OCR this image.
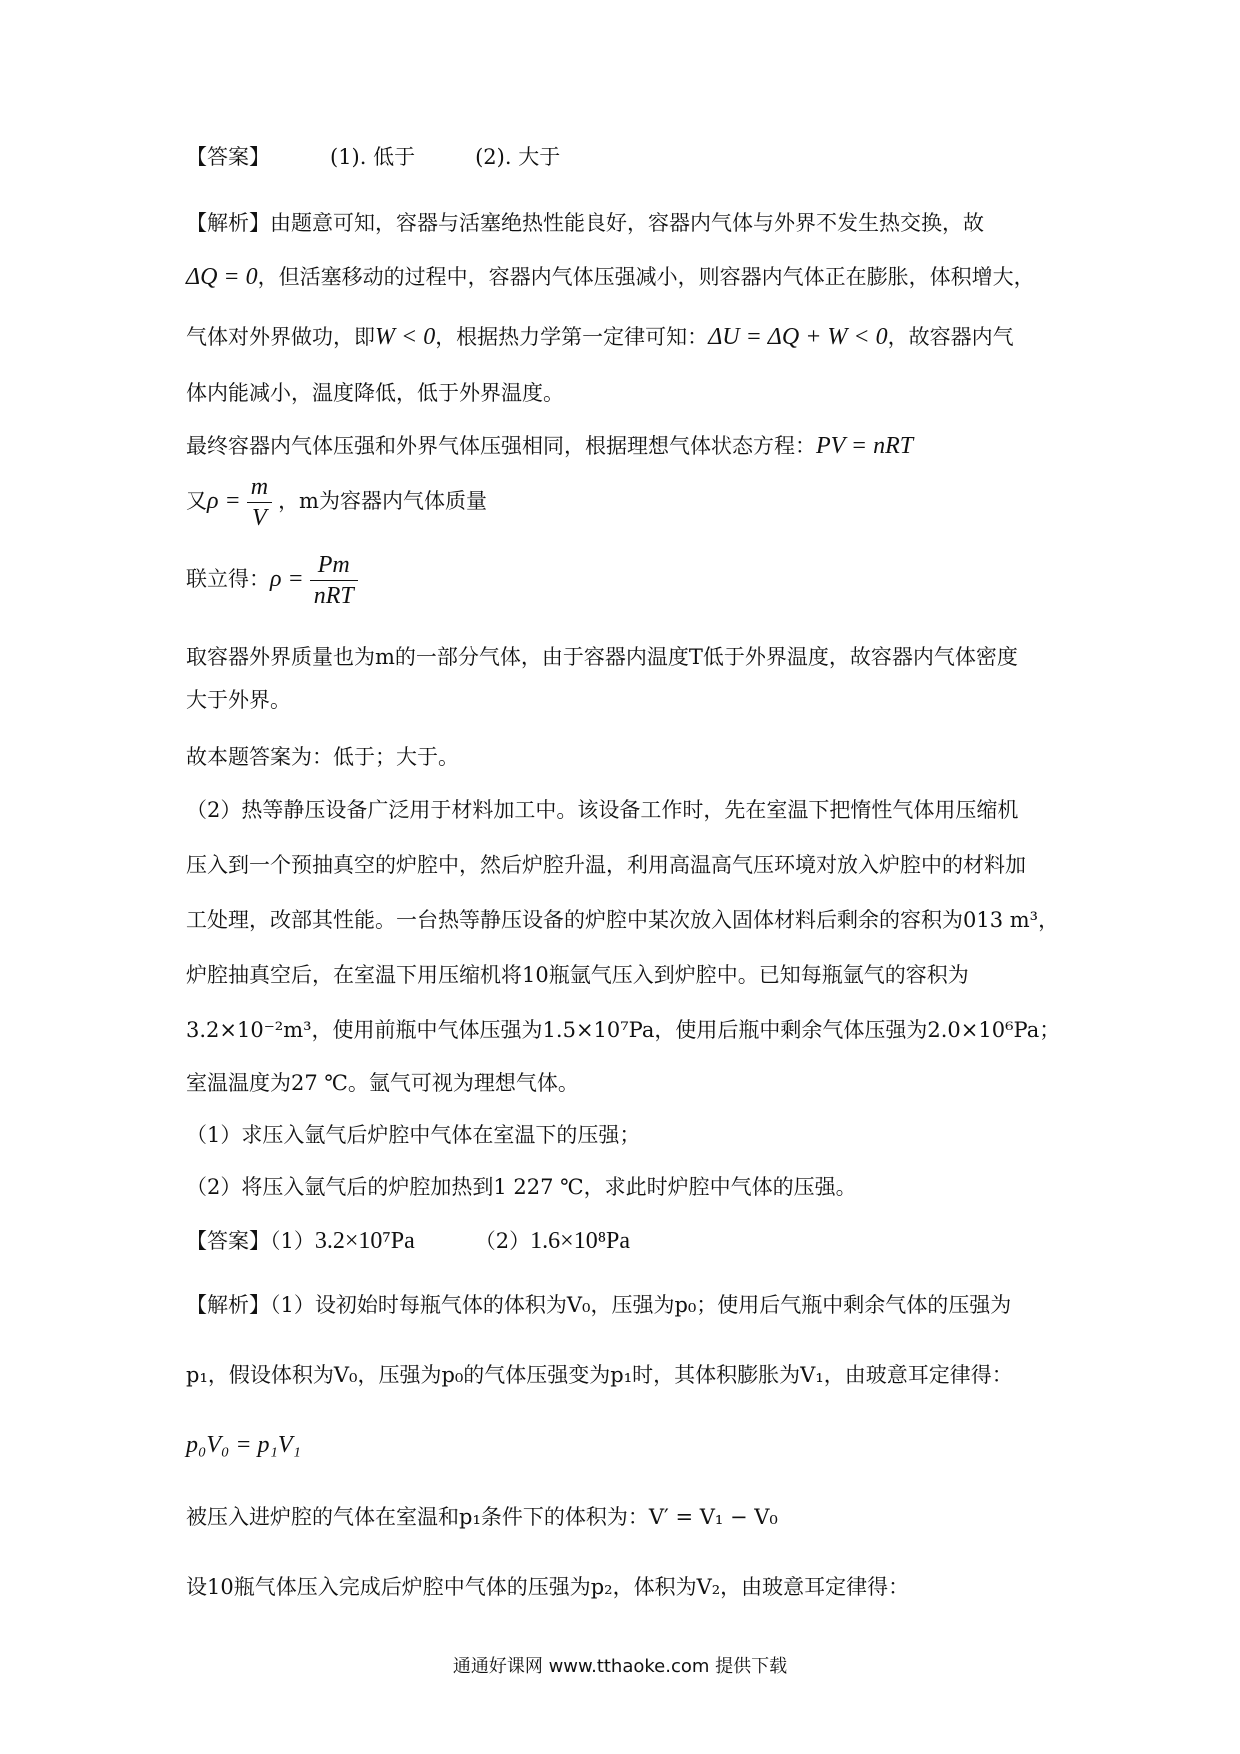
【答案】	(1). 低于	(2). 大于
【解析】由题意可知，容器与活塞绝热性能良好，容器内气体与外界不发生热交换，故
ΔQ = 0，但活塞移动的过程中，容器内气体压强减小，则容器内气体正在膨胀，体积增大，
气体对外界做功，即W < 0，根据热力学第一定律可知：ΔU = ΔQ + W < 0，故容器内气
体内能减小，温度降低，低于外界温度。
最终容器内气体压强和外界气体压强相同，根据理想气体状态方程：PV = nRT
又$\rho = \frac{m}{V}$ ，m为容器内气体质量
联立得：$\rho = \frac{Pm}{\text{nRT}}$
取容器外界质量也为m的一部分气体，由于容器内温度T低于外界温度，故容器内气体密度
大于外界。
故本题答案为：低于；大于。
（2）热等静压设备广泛用于材料加工中。该设备工作时，先在室温下把惰性气体用压缩机
压入到一个预抽真空的炉腔中，然后炉腔升温，利用高温高气压环境对放入炉腔中的材料加
工处理，改部其性能。一台热等静压设备的炉腔中某次放入固体材料后剩余的容积为013 m³，
炉腔抽真空后，在室温下用压缩机将10瓶氩气压入到炉腔中。已知每瓶氩气的容积为
3.2×10⁻²m³，使用前瓶中气体压强为1.5×10⁷Pa，使用后瓶中剩余气体压强为2.0×10⁶Pa；
室温温度为27 ℃。氩气可视为理想气体。
（1）求压入氩气后炉腔中气体在室温下的压强；
（2）将压入氩气后的炉腔加热到1 227 ℃，求此时炉腔中气体的压强。
【答案】（1）3.2×10⁷Pa	（2）1.6×10⁸Pa
【解析】（1）设初始时每瓶气体的体积为V₀，压强为p₀；使用后气瓶中剩余气体的压强为
p₁，假设体积为V₀，压强为p₀的气体压强变为p₁时，其体积膨胀为V₁，由玻意耳定律得：
p₀V₀ = p₁V₁
被压入进炉腔的气体在室温和p₁条件下的体积为：V′ = V₁ − V₀
设10瓶气体压入完成后炉腔中气体的压强为p₂，体积为V₂，由玻意耳定律得：
通通好课网 www.tthaoke.com 提供下载
